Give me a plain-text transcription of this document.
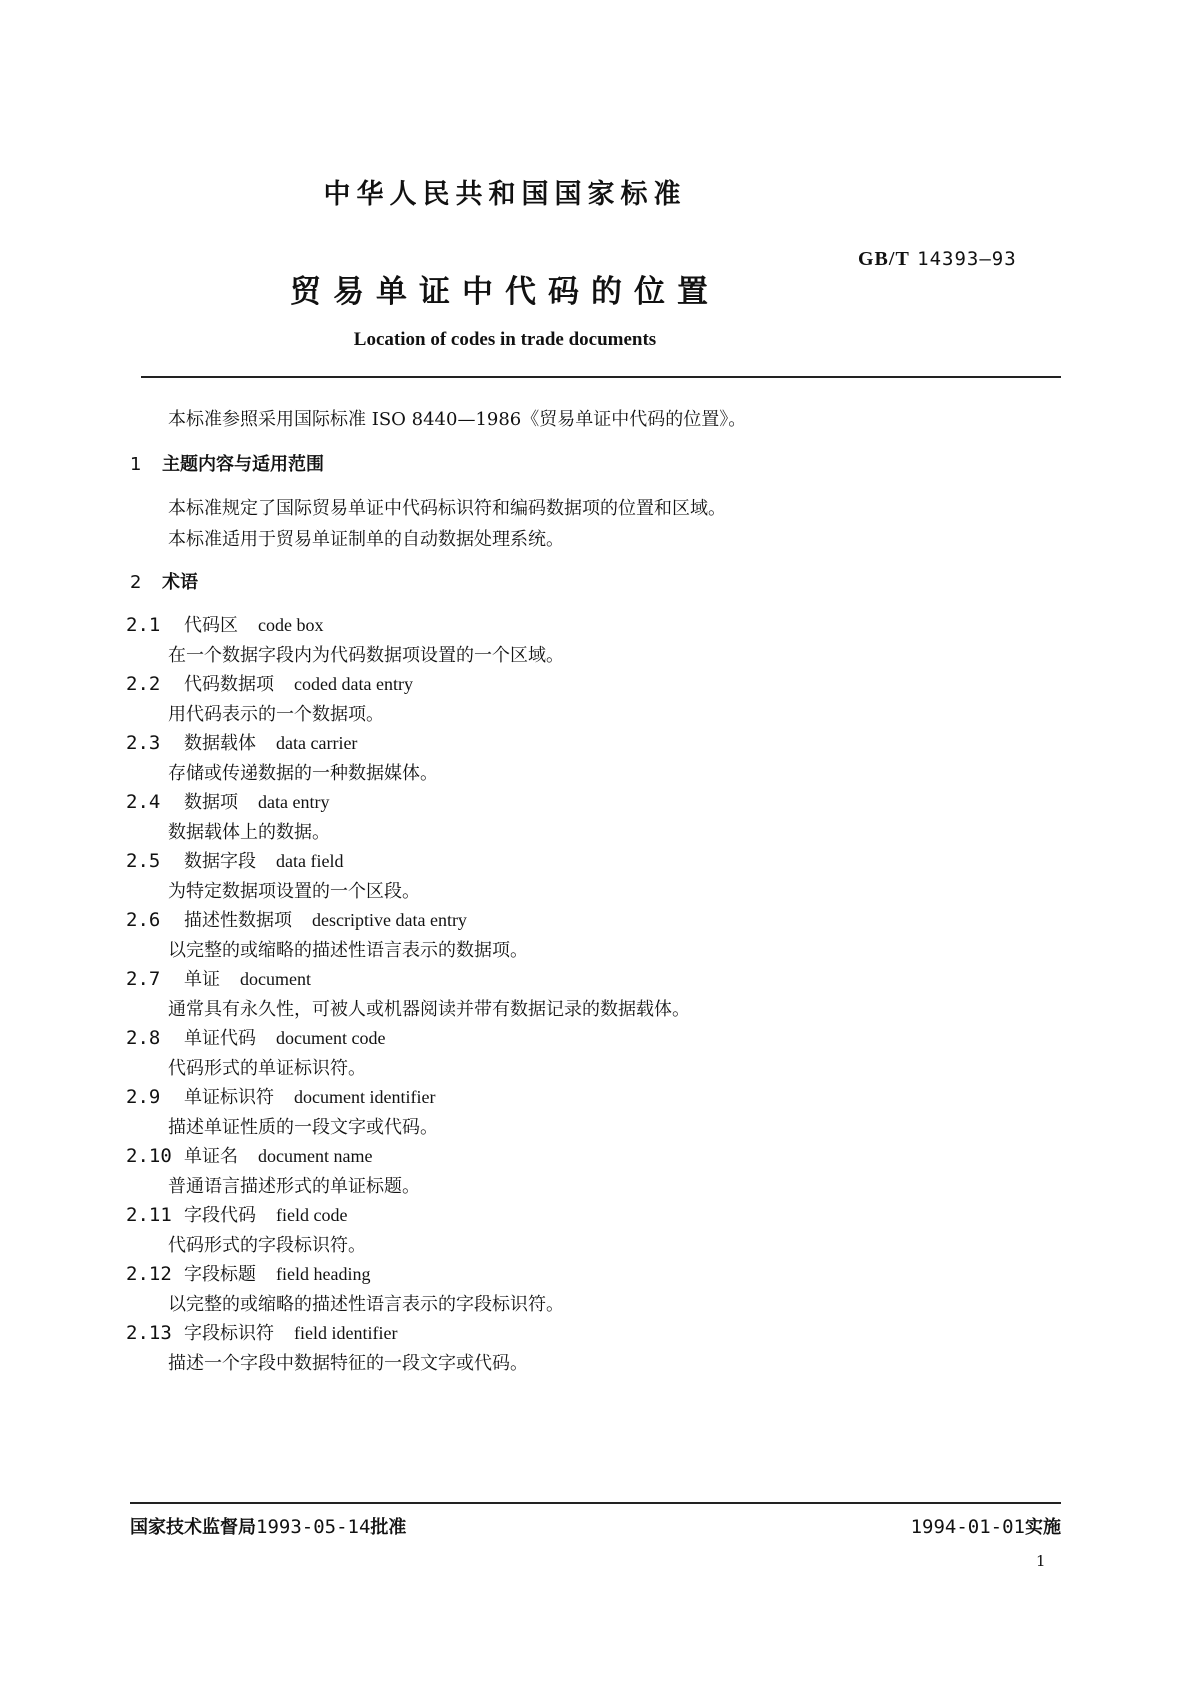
中华人民共和国国家标准
GB/T 14393—93
贸易单证中代码的位置
Location of codes in trade documents
本标准参照采用国际标准 ISO 8440—1986《贸易单证中代码的位置》。
1 主题内容与适用范围
本标准规定了国际贸易单证中代码标识符和编码数据项的位置和区域。
本标准适用于贸易单证制单的自动数据处理系统。
2 术语
2.1 代码区 code box
在一个数据字段内为代码数据项设置的一个区域。
2.2 代码数据项 coded data entry
用代码表示的一个数据项。
2.3 数据载体 data carrier
存储或传递数据的一种数据媒体。
2.4 数据项 data entry
数据载体上的数据。
2.5 数据字段 data field
为特定数据项设置的一个区段。
2.6 描述性数据项 descriptive data entry
以完整的或缩略的描述性语言表示的数据项。
2.7 单证 document
通常具有永久性，可被人或机器阅读并带有数据记录的数据载体。
2.8 单证代码 document code
代码形式的单证标识符。
2.9 单证标识符 document identifier
描述单证性质的一段文字或代码。
2.10 单证名 document name
普通语言描述形式的单证标题。
2.11 字段代码 field code
代码形式的字段标识符。
2.12 字段标题 field heading
以完整的或缩略的描述性语言表示的字段标识符。
2.13 字段标识符 field identifier
描述一个字段中数据特征的一段文字或代码。
国家技术监督局1993-05-14批准	1994-01-01实施
1
